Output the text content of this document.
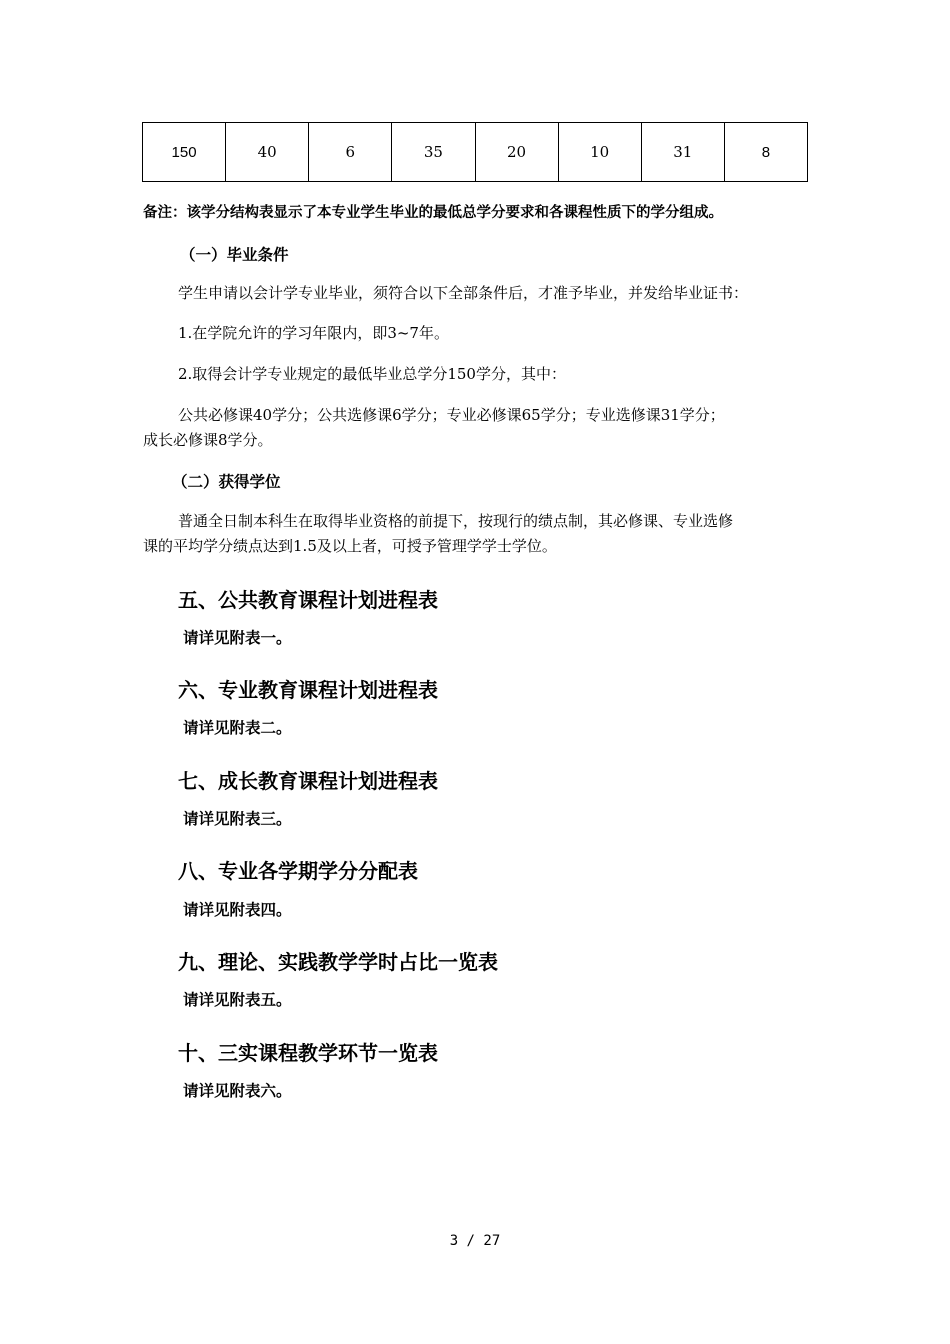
150	40	6	35	20	10	31	8
备注：该学分结构表显示了本专业学生毕业的最低总学分要求和各课程性质下的学分组成。
（一）毕业条件
学生申请以会计学专业毕业，须符合以下全部条件后，才准予毕业，并发给毕业证书：
1.在学院允许的学习年限内，即3~7年。
2.取得会计学专业规定的最低毕业总学分150学分，其中：
公共必修课40学分；公共选修课6学分；专业必修课65学分；专业选修课31学分；
成长必修课8学分。
（二）获得学位
普通全日制本科生在取得毕业资格的前提下，按现行的绩点制，其必修课、专业选修
课的平均学分绩点达到1.5及以上者，可授予管理学学士学位。
五、公共教育课程计划进程表
请详见附表一。
六、专业教育课程计划进程表
请详见附表二。
七、成长教育课程计划进程表
请详见附表三。
八、专业各学期学分分配表
请详见附表四。
九、理论、实践教学学时占比一览表
请详见附表五。
十、三实课程教学环节一览表
请详见附表六。
3 / 27
